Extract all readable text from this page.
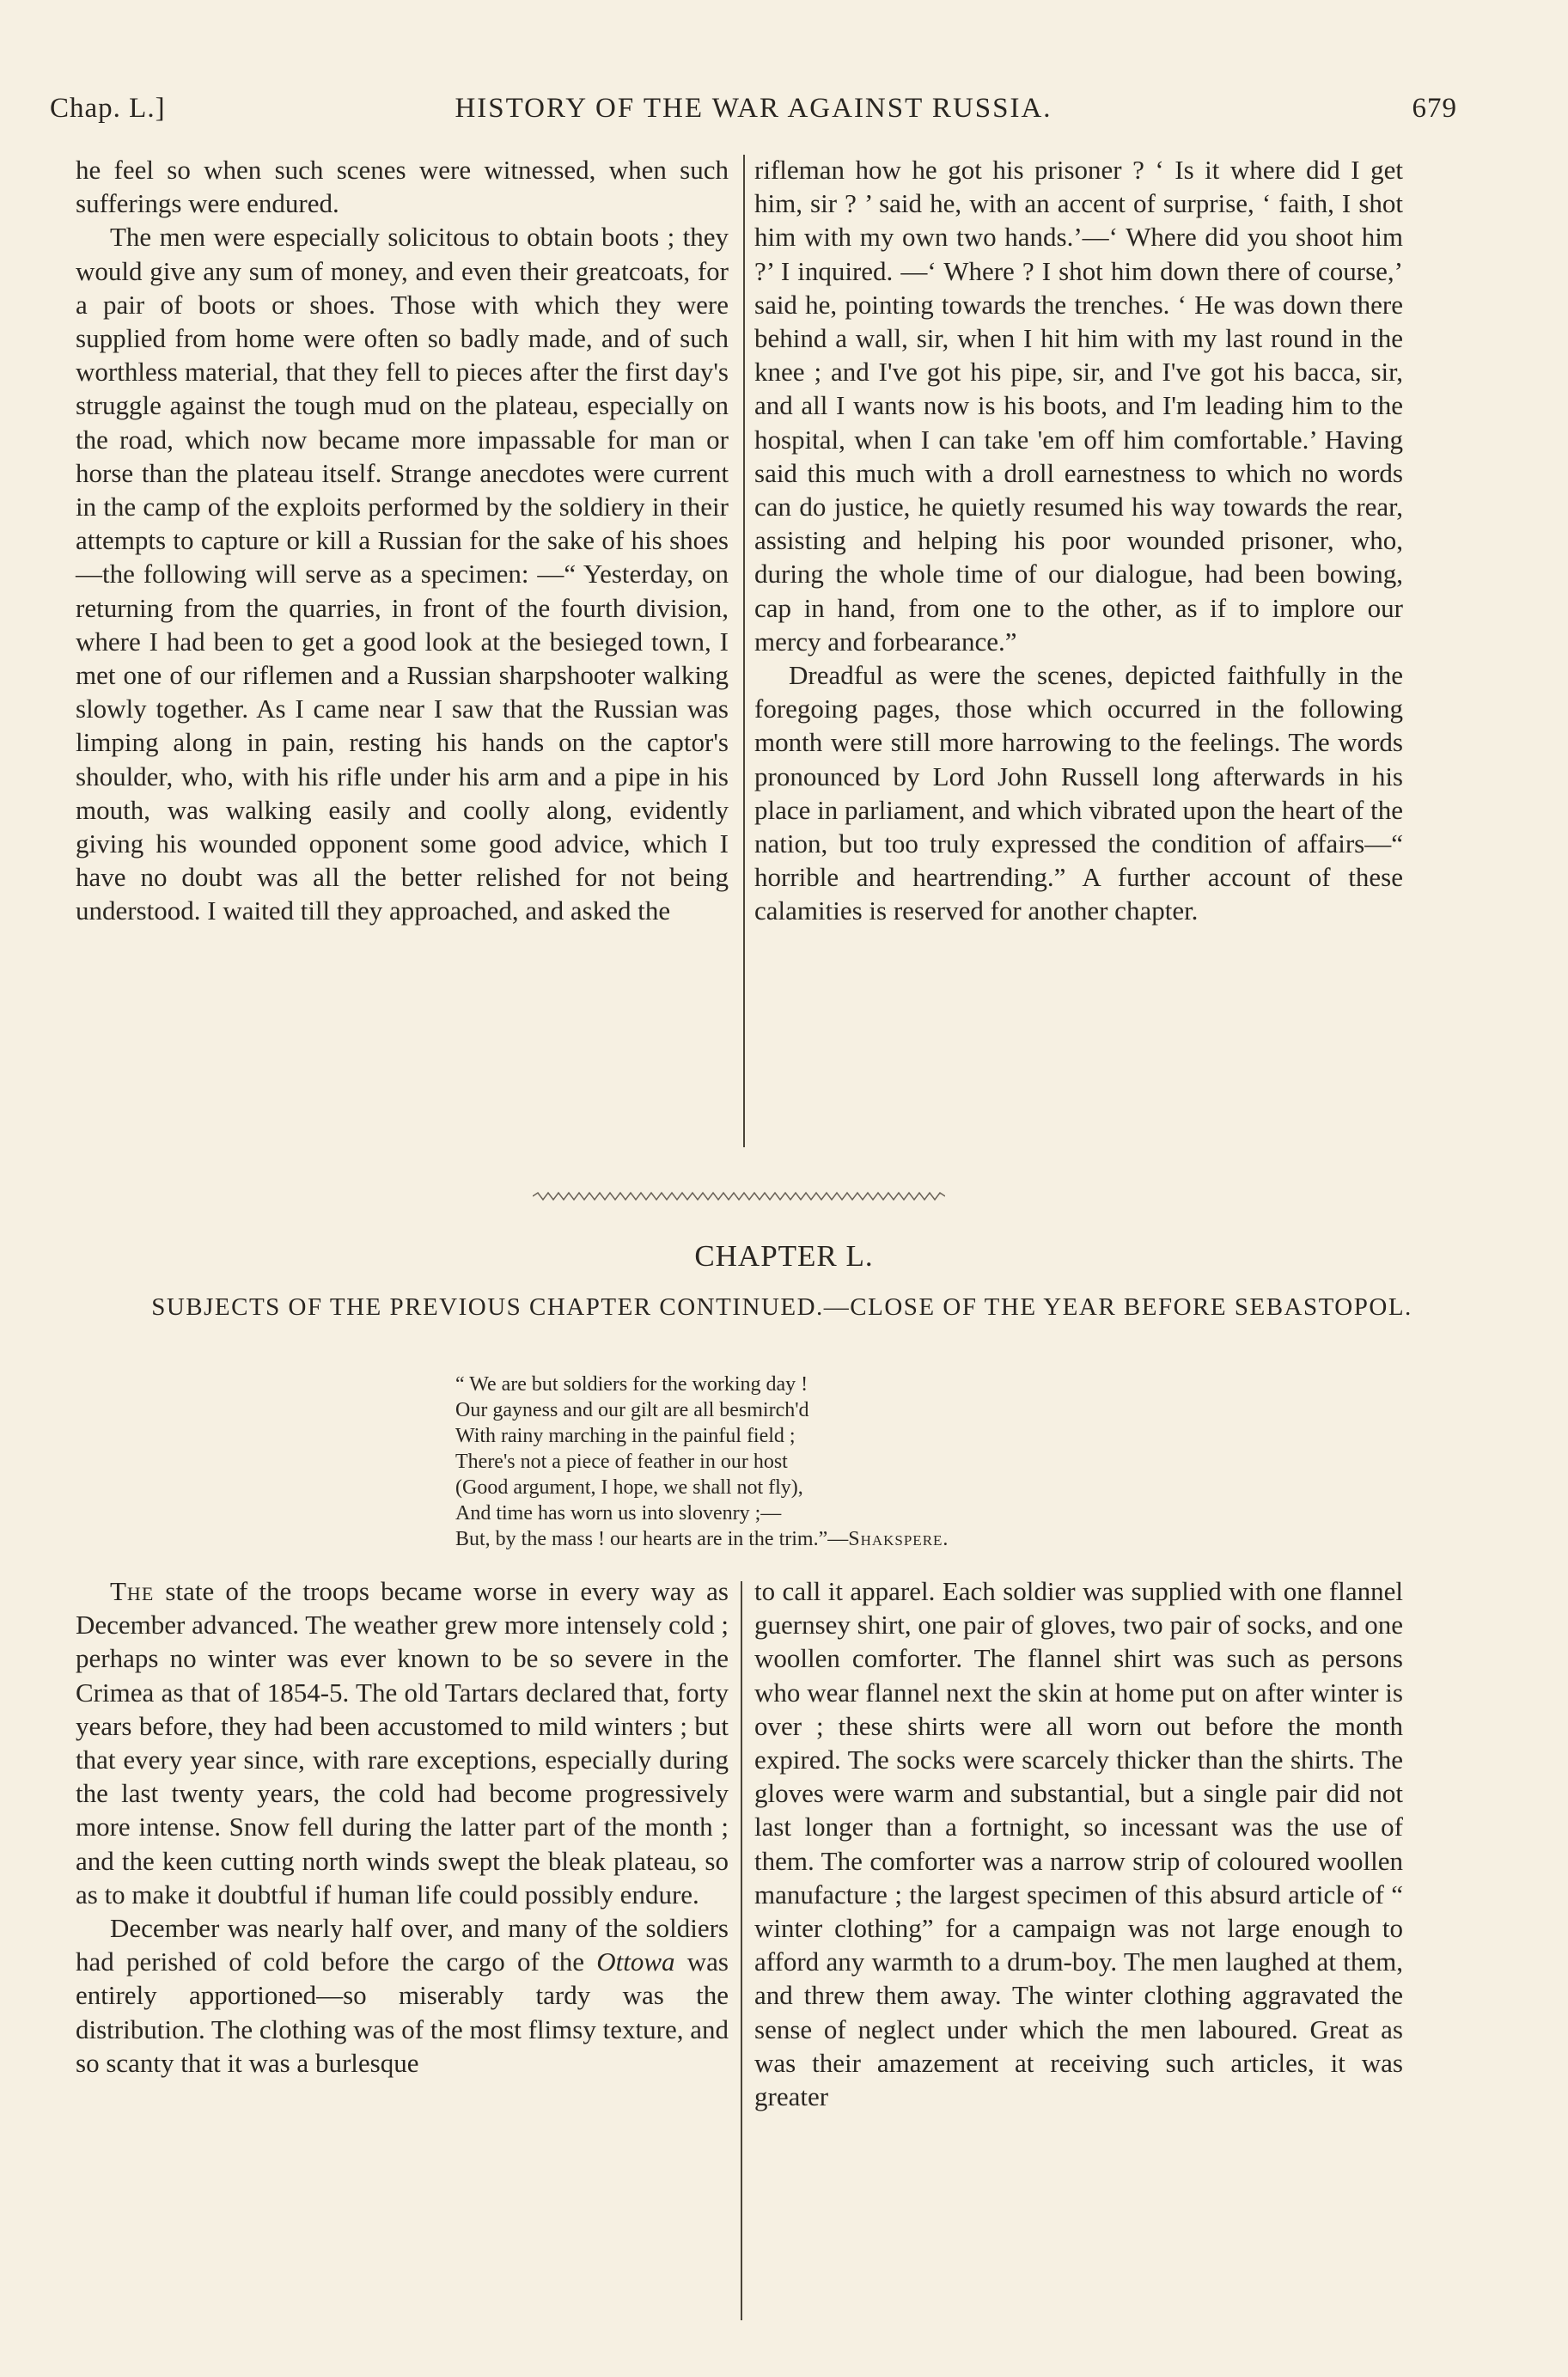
Chap. L.]	HISTORY OF THE WAR AGAINST RUSSIA.	679

he feel so when such scenes were witnessed, when such sufferings were endured.

The men were especially solicitous to obtain boots ; they would give any sum of money, and even their greatcoats, for a pair of boots or shoes. Those with which they were supplied from home were often so badly made, and of such worthless material, that they fell to pieces after the first day's struggle against the tough mud on the plateau, especially on the road, which now became more impassable for man or horse than the plateau itself. Strange anecdotes were current in the camp of the exploits performed by the soldiery in their attempts to capture or kill a Russian for the sake of his shoes—the following will serve as a specimen: —“ Yesterday, on returning from the quarries, in front of the fourth division, where I had been to get a good look at the besieged town, I met one of our riflemen and a Russian sharpshooter walking slowly together. As I came near I saw that the Russian was limping along in pain, resting his hands on the captor's shoulder, who, with his rifle under his arm and a pipe in his mouth, was walking easily and coolly along, evidently giving his wounded opponent some good advice, which I have no doubt was all the better relished for not being understood. I waited till they approached, and asked the

rifleman how he got his prisoner ? ‘ Is it where did I get him, sir ? ’ said he, with an accent of surprise, ‘ faith, I shot him with my own two hands.’—‘ Where did you shoot him ?’ I inquired. —‘ Where ? I shot him down there of course,’ said he, pointing towards the trenches. ‘ He was down there behind a wall, sir, when I hit him with my last round in the knee ; and I've got his pipe, sir, and I've got his bacca, sir, and all I wants now is his boots, and I'm leading him to the hospital, when I can take 'em off him comfortable.’ Having said this much with a droll earnestness to which no words can do justice, he quietly resumed his way towards the rear, assisting and helping his poor wounded prisoner, who, during the whole time of our dialogue, had been bowing, cap in hand, from one to the other, as if to implore our mercy and forbearance.”

Dreadful as were the scenes, depicted faithfully in the foregoing pages, those which occurred in the following month were still more harrowing to the feelings. The words pronounced by Lord John Russell long afterwards in his place in parliament, and which vibrated upon the heart of the nation, but too truly expressed the condition of affairs—“ horrible and heartrending.” A further account of these calamities is reserved for another chapter.

CHAPTER L.
SUBJECTS OF THE PREVIOUS CHAPTER CONTINUED.—CLOSE OF THE YEAR BEFORE SEBASTOPOL.
“ We are but soldiers for the working day !
Our gayness and our gilt are all besmirch'd
With rainy marching in the painful field ;
There's not a piece of feather in our host
(Good argument, I hope, we shall not fly),
And time has worn us into slovenry ;—
But, by the mass ! our hearts are in the trim.”—Shakspere.

The state of the troops became worse in every way as December advanced. The weather grew more intensely cold ; perhaps no winter was ever known to be so severe in the Crimea as that of 1854-5. The old Tartars declared that, forty years before, they had been accustomed to mild winters ; but that every year since, with rare exceptions, especially during the last twenty years, the cold had become progressively more intense. Snow fell during the latter part of the month ; and the keen cutting north winds swept the bleak plateau, so as to make it doubtful if human life could possibly endure.

December was nearly half over, and many of the soldiers had perished of cold before the cargo of the Ottowa was entirely apportioned—so miserably tardy was the distribution. The clothing was of the most flimsy texture, and so scanty that it was a burlesque

to call it apparel. Each soldier was supplied with one flannel guernsey shirt, one pair of gloves, two pair of socks, and one woollen comforter. The flannel shirt was such as persons who wear flannel next the skin at home put on after winter is over ; these shirts were all worn out before the month expired. The socks were scarcely thicker than the shirts. The gloves were warm and substantial, but a single pair did not last longer than a fortnight, so incessant was the use of them. The comforter was a narrow strip of coloured woollen manufacture ; the largest specimen of this absurd article of “ winter clothing” for a campaign was not large enough to afford any warmth to a drum-boy. The men laughed at them, and threw them away. The winter clothing aggravated the sense of neglect under which the men laboured. Great as was their amazement at receiving such articles, it was greater
